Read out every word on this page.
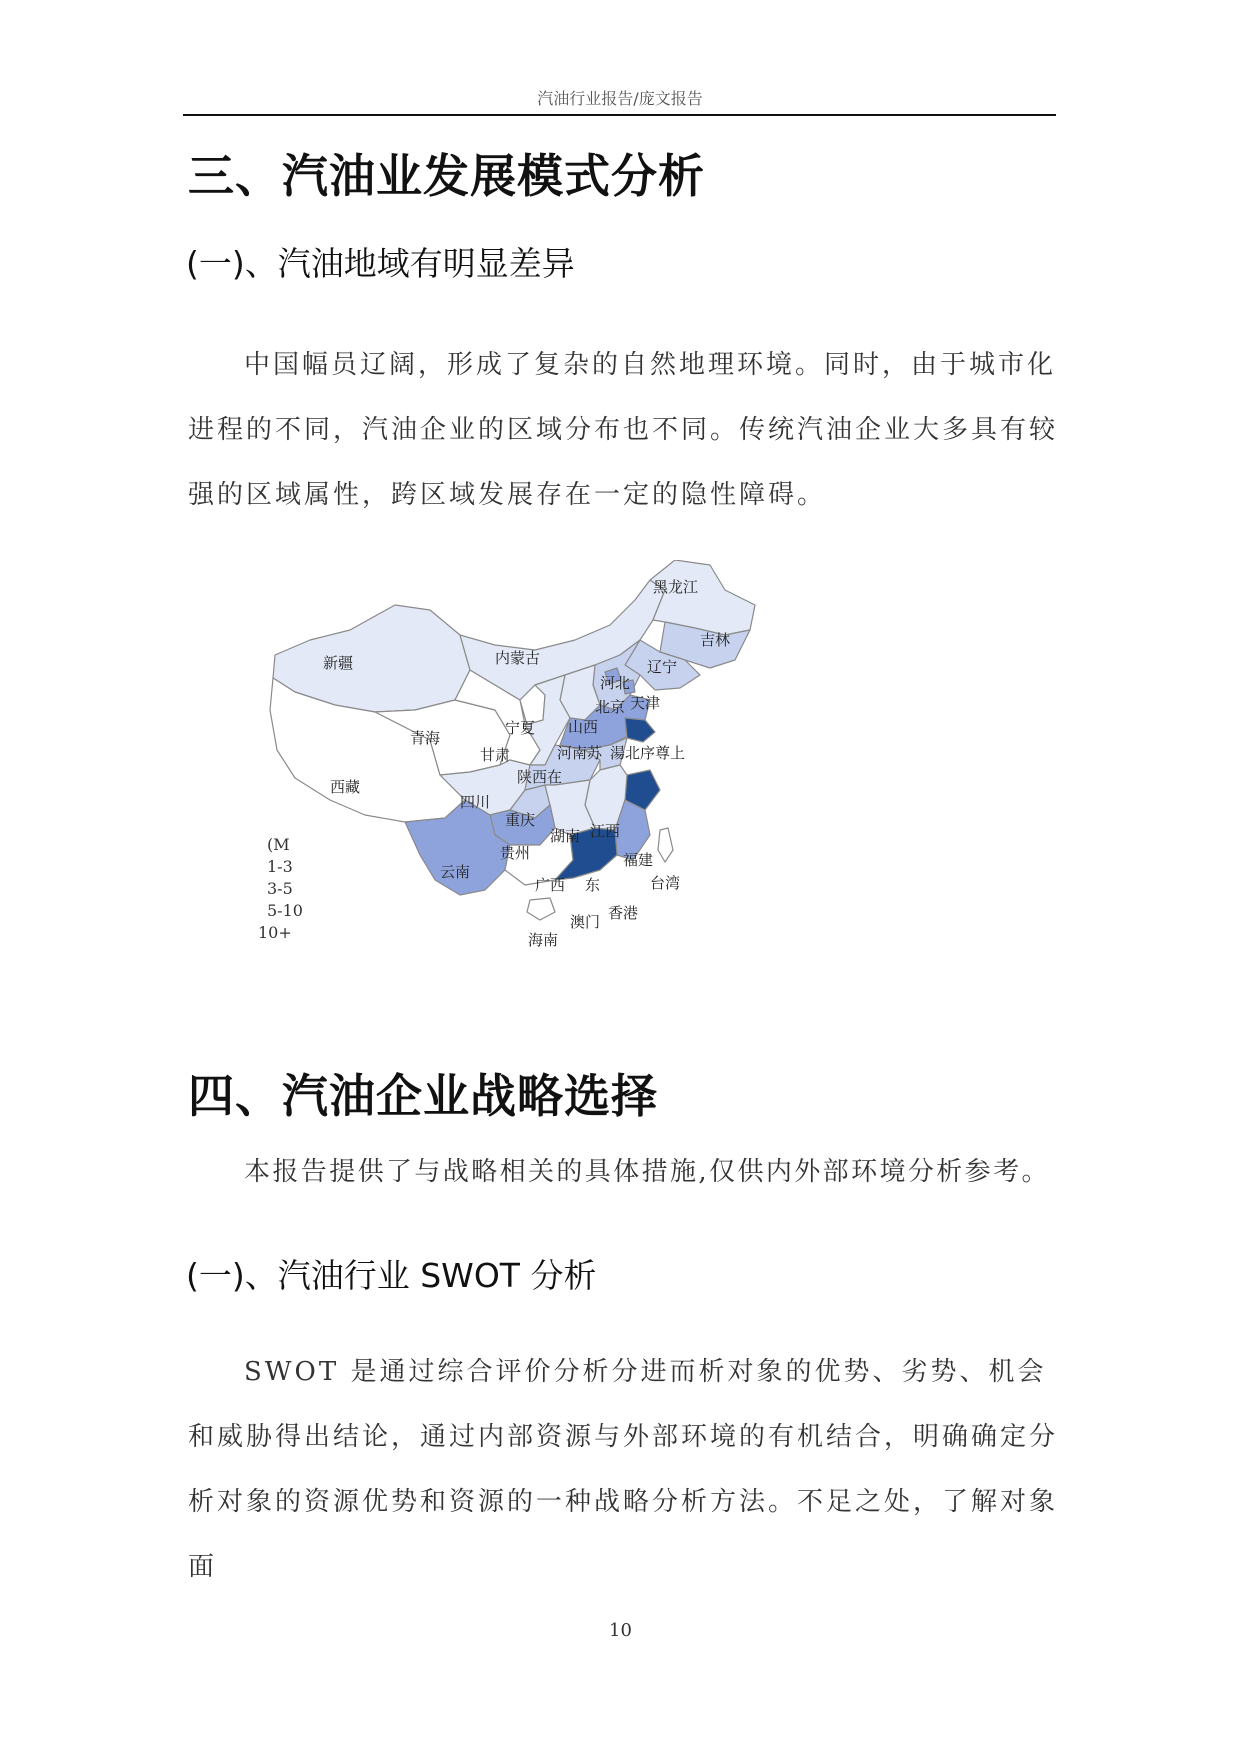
汽油行业报告/庞文报告
三、汽油业发展模式分析
(一)、汽油地域有明显差异

中国幅员辽阔，形成了复杂的自然地理环境。同时，由于城市化进程的不同，汽油企业的区域分布也不同。传统汽油企业大多具有较强的区域属性，跨区域发展存在一定的隐性障碍。

黑龙江
吉林
辽宁
内蒙古
新疆
河北
北京 天津
宁夏 山西
青海
甘肃
西藏
四川
陕西在
河南苏 湯北序尊上
重庆
湖南 江西
贵州
云南
广西 东
福建
台湾
香港
澳门
海南
(M
1-3
3-5
5-10
10+
四、汽油企业战略选择

本报告提供了与战略相关的具体措施,仅供内外部环境分析参考。

(一)、汽油行业 SWOT 分析

SWOT 是通过综合评价分析分进而析对象的优势、劣势、机会和威胁得出结论，通过内部资源与外部环境的有机结合，明确确定分析对象的资源优势和资源的一种战略分析方法。不足之处，了解对象面

10
